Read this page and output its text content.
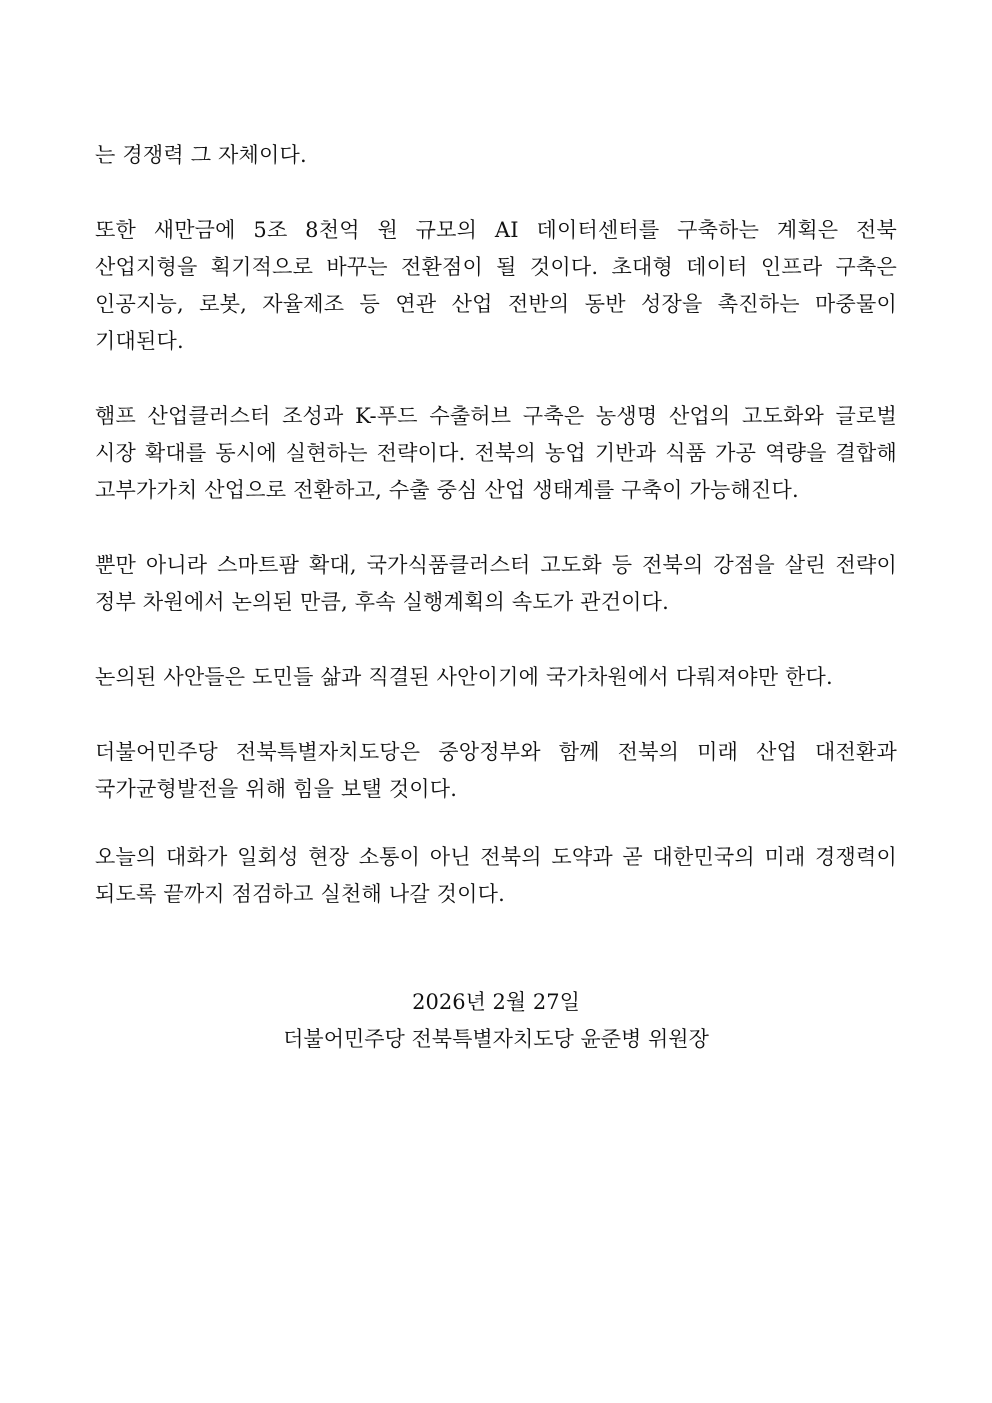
는 경쟁력 그 자체이다.

또한 새만금에 5조 8천억 원 규모의 AI 데이터센터를 구축하는 계획은 전북 산업지형을 획기적으로 바꾸는 전환점이 될 것이다. 초대형 데이터 인프라 구축은 인공지능, 로봇, 자율제조 등 연관 산업 전반의 동반 성장을 촉진하는 마중물이 기대된다.

햄프 산업클러스터 조성과 K-푸드 수출허브 구축은 농생명 산업의 고도화와 글로벌 시장 확대를 동시에 실현하는 전략이다. 전북의 농업 기반과 식품 가공 역량을 결합해 고부가가치 산업으로 전환하고, 수출 중심 산업 생태계를 구축이 가능해진다.

뿐만 아니라 스마트팜 확대, 국가식품클러스터 고도화 등 전북의 강점을 살린 전략이 정부 차원에서 논의된 만큼, 후속 실행계획의 속도가 관건이다.

논의된 사안들은 도민들 삶과 직결된 사안이기에 국가차원에서 다뤄져야만 한다.

더불어민주당 전북특별자치도당은 중앙정부와 함께 전북의 미래 산업 대전환과 국가균형발전을 위해 힘을 보탤 것이다.

오늘의 대화가 일회성 현장 소통이 아닌 전북의 도약과 곧 대한민국의 미래 경쟁력이 되도록 끝까지 점검하고 실천해 나갈 것이다.

2026년 2월 27일
더불어민주당 전북특별자치도당 윤준병 위원장
